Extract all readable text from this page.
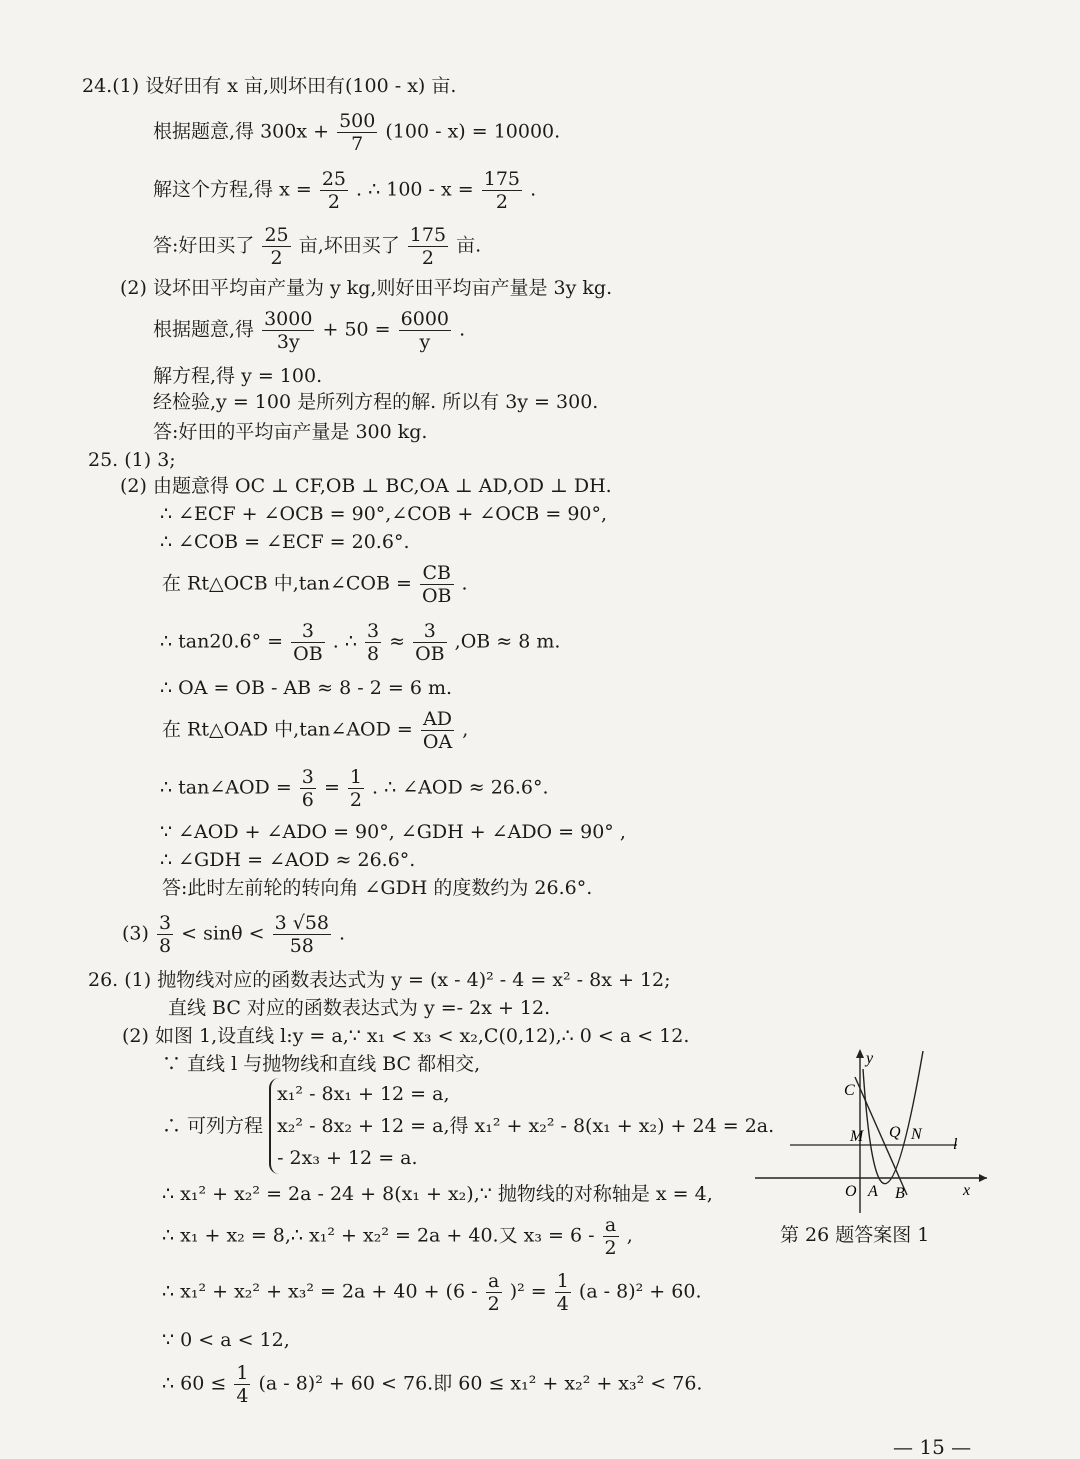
24.(1) 设好田有 x 亩,则坏田有(100 - x) 亩.
根据题意,得 $300x + \frac{500}{7} (100 - x) = 10000$.
解这个方程,得 $x = \frac{25}{2}$ . ∴ $100 - x = \frac{175}{2}$ .
答:好田买了 $\frac{25}{2}$ 亩,坏田买了 $\frac{175}{2}$ 亩.
(2) 设坏田平均亩产量为 y kg,则好田平均亩产量是 3y kg.
根据题意,得 $\frac{3000}{3y} + 50 = \frac{6000}{y}$ .
解方程,得 y = 100.
经检验,y = 100 是所列方程的解. 所以有 3y = 300.
答:好田的平均亩产量是 300 kg.
25. (1) 3;
(2) 由题意得 OC ⊥ CF,OB ⊥ BC,OA ⊥ AD,OD ⊥ DH.
∴ ∠ECF + ∠OCB = 90°,∠COB + ∠OCB = 90°,
∴ ∠COB = ∠ECF = 20.6°.
在 Rt△OCB 中,tan∠COB = $\frac{CB}{OB}$ .
∴ $\tan 20.6^\circ = \frac{3}{OB}$ . ∴ $\frac{3}{8} \approx \frac{3}{OB} ,OB \approx 8$ m.
∴ OA = OB - AB ≈ 8 - 2 = 6 m.
在 Rt△OAD 中,tan∠AOD = $\frac{AD}{OA}$ ,
∴ tan∠AOD = $\frac{3}{6} = \frac{1}{2}$ . ∴ ∠AOD ≈ 26.6°.
∵ ∠AOD + ∠ADO = 90°, ∠GDH + ∠ADO = 90° ,
∴ ∠GDH = ∠AOD ≈ 26.6°.
答:此时左前轮的转向角 ∠GDH 的度数约为 26.6°.
$(3) \frac{3}{8} < \sin\theta < \frac{3 √58}{58}$ .
26. (1) 抛物线对应的函数表达式为 y = (x - 4)² - 4 = x² - 8x + 12;
直线 BC 对应的函数表达式为 y =- 2x + 12.
(2) 如图 1,设直线 l:y = a,∵ x₁ < x₃ < x₂,C(0,12),∴ 0 < a < 12.
∵ 直线 l 与抛物线和直线 BC 都相交,
∴ 可列方程
x₁² - 8x₁ + 12 = a,
x₂² - 8x₂ + 12 = a,得 x₁² + x₂² - 8(x₁ + x₂) + 24 = 2a.
- 2x₃ + 12 = a.
∴ x₁² + x₂² = 2a - 24 + 8(x₁ + x₂),∵ 抛物线的对称轴是 x = 4,
∴ x₁ + x₂ = 8,∴ x₁² + x₂² = 2a + 40.又 $x_3 = 6 - \frac{a}{2}$ ,
∴ $x_1^2 + x_2^2 + x_3^2 = 2a + 40 + (6 - \frac{a}{2} )^2 = \frac{1}{4} (a - 8)^2 + 60$.
∵ 0 < a < 12,
∴ $60 \le \frac{1}{4} (a - 8)^2 + 60 < 76$.即 60 ≤ x₁² + x₂² + x₃² < 76.
y
x
C
M Q N
l
O A B
第 26 题答案图 1
— 15 —
